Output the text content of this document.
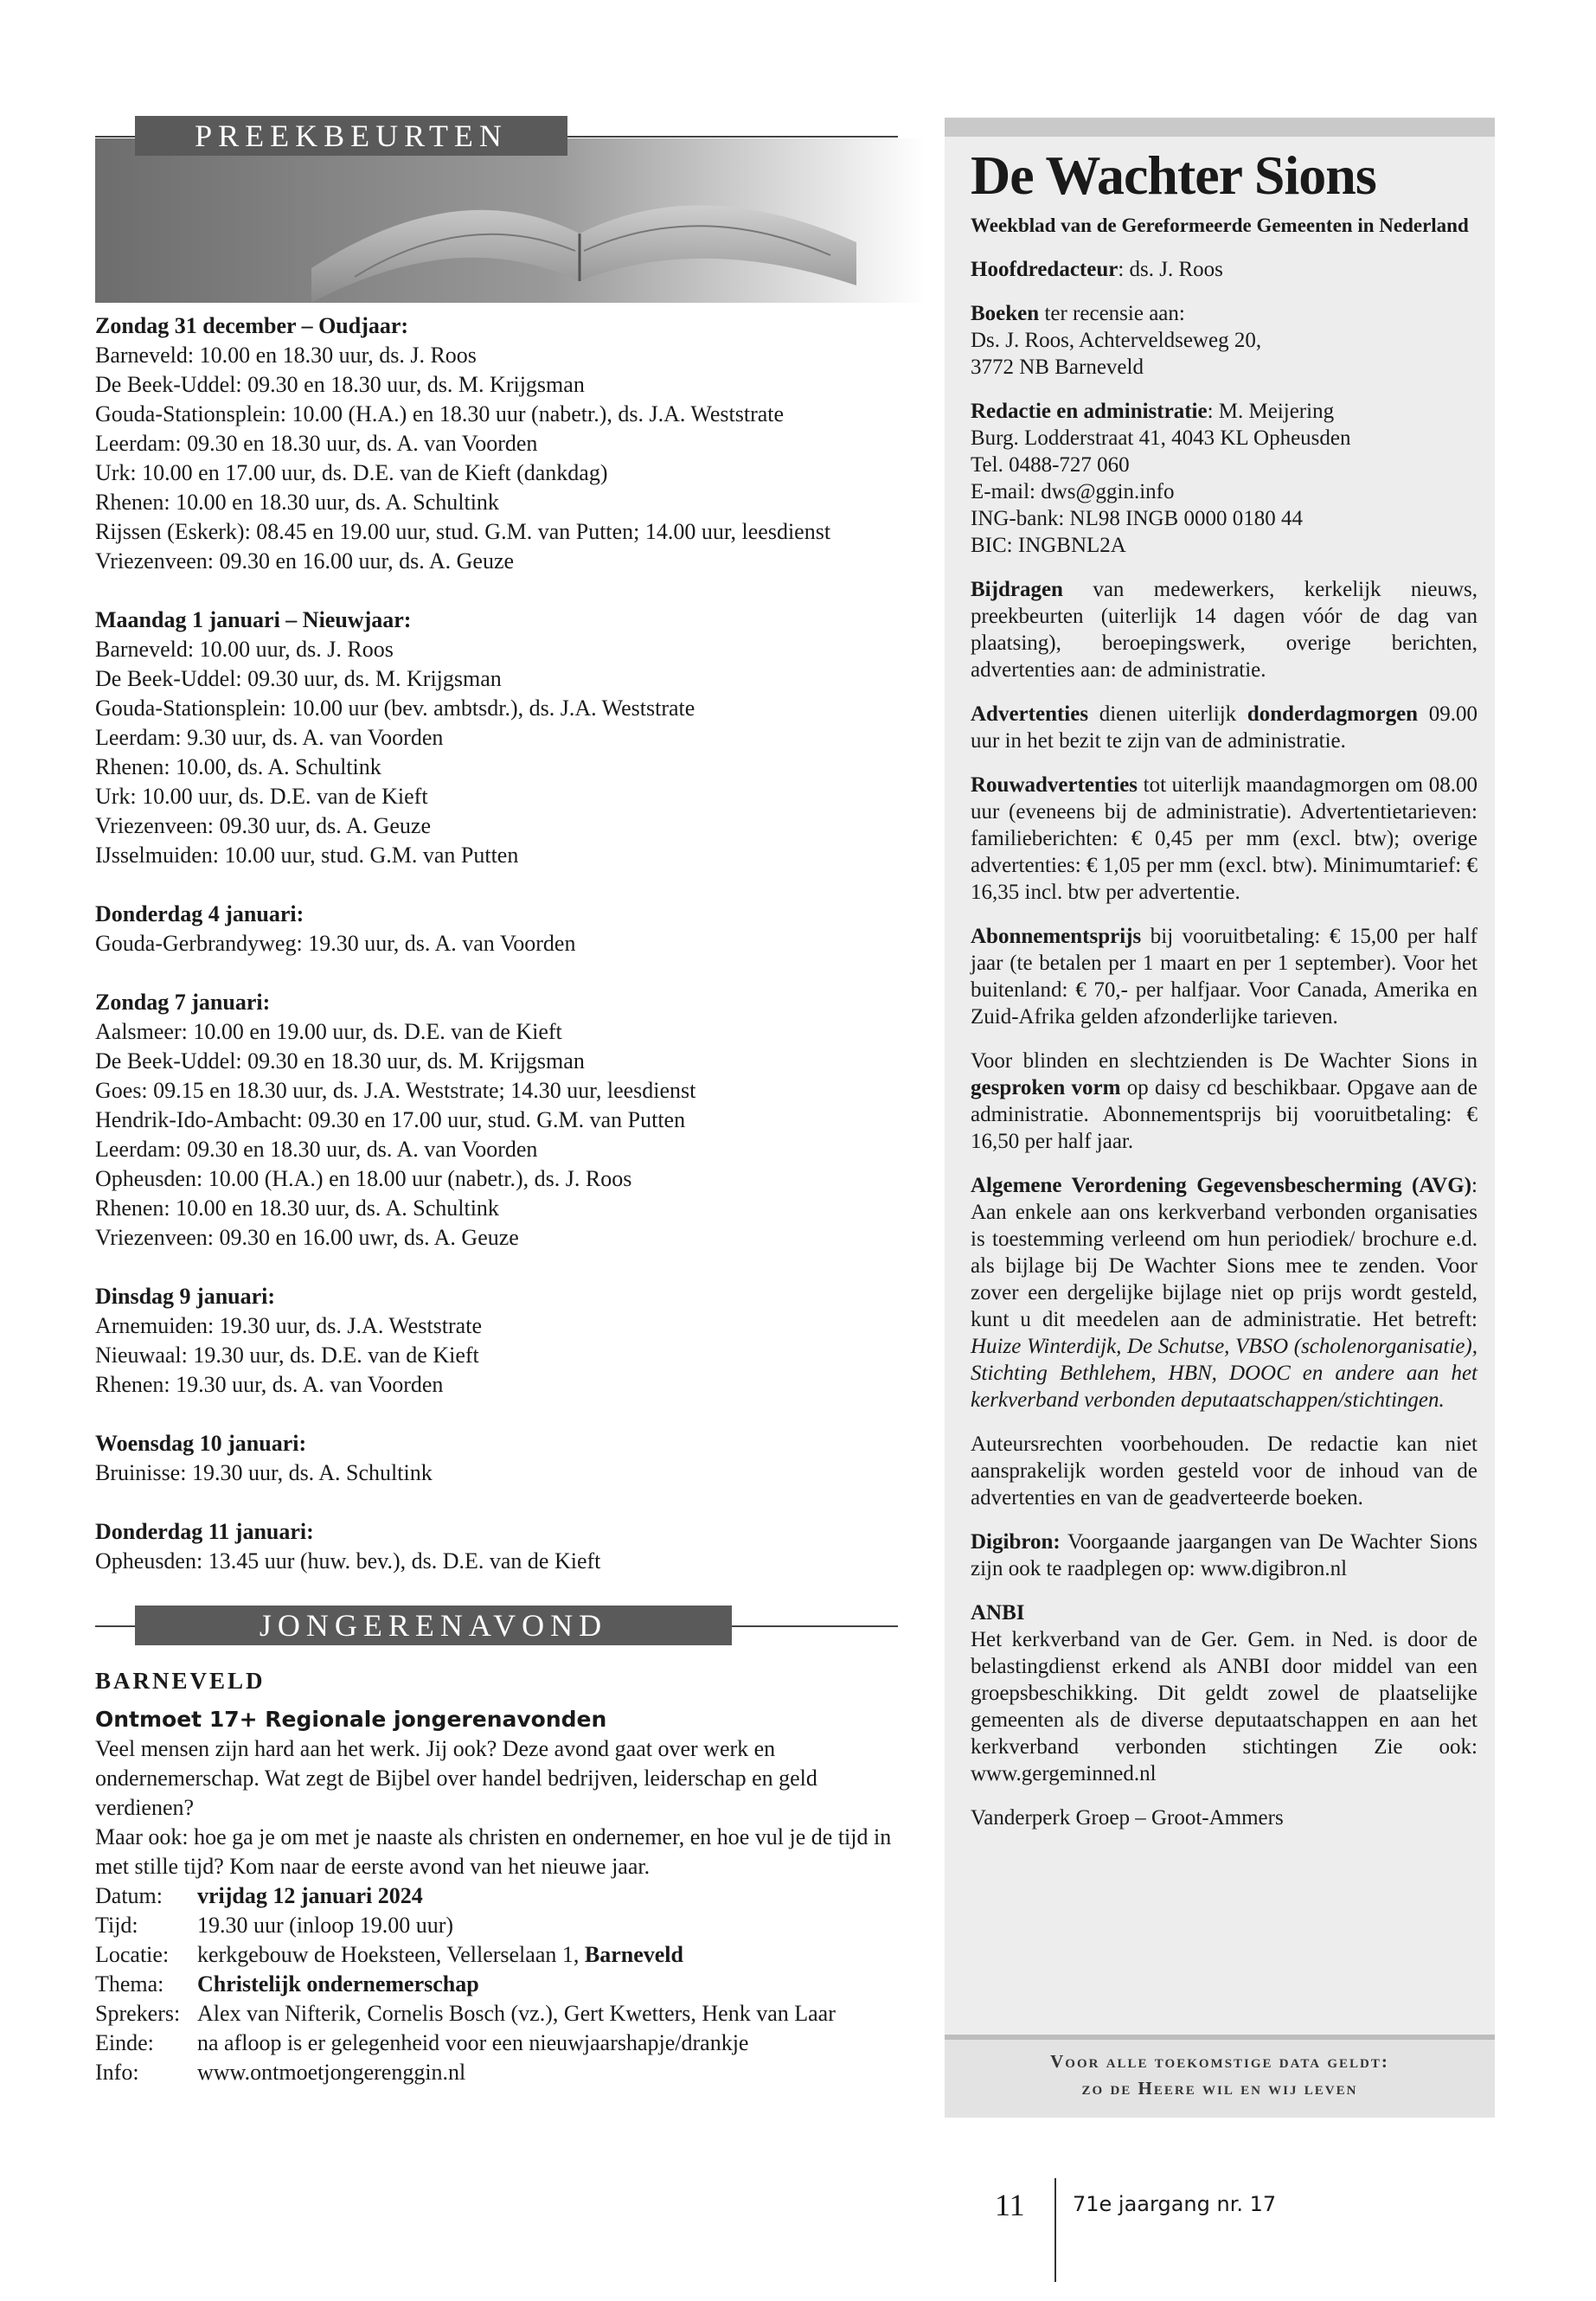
PREEKBEURTEN
Zondag 31 december – Oudjaar:
Barneveld: 10.00 en 18.30 uur, ds. J. Roos
De Beek-Uddel: 09.30 en 18.30 uur, ds. M. Krijgsman
Gouda-Stationsplein: 10.00 (H.A.) en 18.30 uur (nabetr.), ds. J.A. Weststrate
Leerdam: 09.30 en 18.30 uur, ds. A. van Voorden
Urk: 10.00 en 17.00 uur, ds. D.E. van de Kieft (dankdag)
Rhenen: 10.00 en 18.30 uur, ds. A. Schultink
Rijssen (Eskerk): 08.45 en 19.00 uur, stud. G.M. van Putten; 14.00 uur, leesdienst
Vriezenveen: 09.30 en 16.00 uur, ds. A. Geuze
Maandag 1 januari – Nieuwjaar:
Barneveld: 10.00 uur, ds. J. Roos
De Beek-Uddel: 09.30 uur, ds. M. Krijgsman
Gouda-Stationsplein: 10.00 uur (bev. ambtsdr.), ds. J.A. Weststrate
Leerdam: 9.30 uur, ds. A. van Voorden
Rhenen: 10.00, ds. A. Schultink
Urk: 10.00 uur, ds. D.E. van de Kieft
Vriezenveen: 09.30 uur, ds. A. Geuze
IJsselmuiden: 10.00 uur, stud. G.M. van Putten
Donderdag 4 januari:
Gouda-Gerbrandyweg: 19.30 uur, ds. A. van Voorden
Zondag 7 januari:
Aalsmeer: 10.00 en 19.00 uur, ds. D.E. van de Kieft
De Beek-Uddel: 09.30 en 18.30 uur, ds. M. Krijgsman
Goes: 09.15 en 18.30 uur, ds. J.A. Weststrate; 14.30 uur, leesdienst
Hendrik-Ido-Ambacht: 09.30 en 17.00 uur, stud. G.M. van Putten
Leerdam: 09.30 en 18.30 uur, ds. A. van Voorden
Opheusden: 10.00 (H.A.) en 18.00 uur (nabetr.), ds. J. Roos
Rhenen: 10.00 en 18.30 uur, ds. A. Schultink
Vriezenveen: 09.30 en 16.00 uwr, ds. A. Geuze
Dinsdag 9 januari:
Arnemuiden: 19.30 uur, ds. J.A. Weststrate
Nieuwaal: 19.30 uur, ds. D.E. van de Kieft
Rhenen: 19.30 uur, ds. A. van Voorden
Woensdag 10 januari:
Bruinisse: 19.30 uur, ds. A. Schultink
Donderdag 11 januari:
Opheusden: 13.45 uur (huw. bev.), ds. D.E. van de Kieft
JONGERENAVOND
BARNEVELD
Ontmoet 17+ Regionale jongerenavonden
Veel mensen zijn hard aan het werk. Jij ook? Deze avond gaat over werk en ondernemerschap. Wat zegt de Bijbel over handel bedrijven, leiderschap en geld verdienen?
Maar ook: hoe ga je om met je naaste als christen en ondernemer, en hoe vul je de tijd in met stille tijd? Kom naar de eerste avond van het nieuwe jaar.
Datum:	vrijdag 12 januari 2024
Tijd:	19.30 uur (inloop 19.00 uur)
Locatie:	kerkgebouw de Hoeksteen, Vellerselaan 1, Barneveld
Thema:	Christelijk ondernemerschap
Sprekers: Alex van Nifterik, Cornelis Bosch (vz.), Gert Kwetters, Henk van Laar
Einde:	na afloop is er gelegenheid voor een nieuwjaarshapje/drankje
Info:	www.ontmoetjongerenggin.nl
De Wachter Sions
Weekblad van de Gereformeerde Gemeenten in Nederland
Hoofdredacteur: ds. J. Roos
Boeken ter recensie aan:
Ds. J. Roos, Achterveldseweg 20,
3772 NB Barneveld
Redactie en administratie: M. Meijering
Burg. Lodderstraat 41, 4043 KL Opheusden
Tel. 0488-727 060
E-mail: dws@ggin.info
ING-bank: NL98 INGB 0000 0180 44
BIC: INGBNL2A
Bijdragen van medewerkers, kerkelijk nieuws, preekbeurten (uiterlijk 14 dagen vóór de dag van plaatsing), beroepingswerk, overige berichten, advertenties aan: de administratie.
Advertenties dienen uiterlijk donderdagmorgen 09.00 uur in het bezit te zijn van de administratie.
Rouwadvertenties tot uiterlijk maandagmorgen om 08.00 uur (eveneens bij de administratie). Advertentietarieven: familieberichten: € 0,45 per mm (excl. btw); overige advertenties: € 1,05 per mm (excl. btw). Minimumtarief: € 16,35 incl. btw per advertentie.
Abonnementsprijs bij vooruitbetaling: € 15,00 per half jaar (te betalen per 1 maart en per 1 september). Voor het buitenland: € 70,- per halfjaar. Voor Canada, Amerika en Zuid-Afrika gelden afzonderlijke tarieven.
Voor blinden en slechtzienden is De Wachter Sions in gesproken vorm op daisy cd beschikbaar. Opgave aan de administratie. Abonnementsprijs bij vooruitbetaling: € 16,50 per half jaar.
Algemene Verordening Gegevensbescherming (AVG): Aan enkele aan ons kerkverband verbonden organisaties is toestemming verleend om hun periodiek/ brochure e.d. als bijlage bij De Wachter Sions mee te zenden. Voor zover een dergelijke bijlage niet op prijs wordt gesteld, kunt u dit meedelen aan de administratie. Het betreft: Huize Winterdijk, De Schutse, VBSO (scholenorganisatie), Stichting Bethlehem, HBN, DOOC en andere aan het kerkverband verbonden deputaatschappen/stichtingen.
Auteursrechten voorbehouden. De redactie kan niet aansprakelijk worden gesteld voor de inhoud van de advertenties en van de geadverteerde boeken.
Digibron: Voorgaande jaargangen van De Wachter Sions zijn ook te raadplegen op: www.digibron.nl
ANBI
Het kerkverband van de Ger. Gem. in Ned. is door de belastingdienst erkend als ANBI door middel van een groepsbeschikking. Dit geldt zowel de plaatselijke gemeenten als de diverse deputaatschappen en aan het kerkverband verbonden stichtingen Zie ook: www.gergeminned.nl
Vanderperk Groep – Groot-Ammers
Voor alle toekomstige data geldt:
zo de Heere wil en wij leven
11 71e jaargang nr. 17
